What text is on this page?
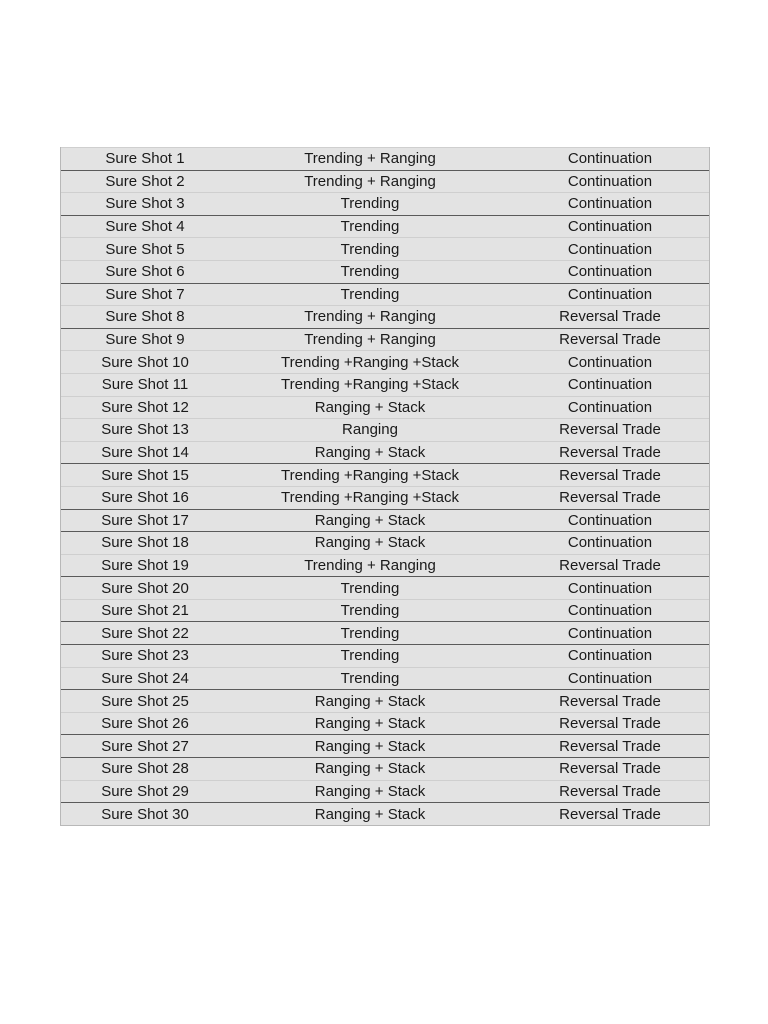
Sure Shot 1	Trending + Ranging	Continuation
Sure Shot 2	Trending + Ranging	Continuation
Sure Shot 3	Trending	Continuation
Sure Shot 4	Trending	Continuation
Sure Shot 5	Trending	Continuation
Sure Shot 6	Trending	Continuation
Sure Shot 7	Trending	Continuation
Sure Shot 8	Trending + Ranging	Reversal Trade
Sure Shot 9	Trending + Ranging	Reversal Trade
Sure Shot 10	Trending +Ranging +Stack	Continuation
Sure Shot 11	Trending +Ranging +Stack	Continuation
Sure Shot 12	Ranging + Stack	Continuation
Sure Shot 13	Ranging	Reversal Trade
Sure Shot 14	Ranging + Stack	Reversal Trade
Sure Shot 15	Trending +Ranging +Stack	Reversal Trade
Sure Shot 16	Trending +Ranging +Stack	Reversal Trade
Sure Shot 17	Ranging + Stack	Continuation
Sure Shot 18	Ranging + Stack	Continuation
Sure Shot 19	Trending + Ranging	Reversal Trade
Sure Shot 20	Trending	Continuation
Sure Shot 21	Trending	Continuation
Sure Shot 22	Trending	Continuation
Sure Shot 23	Trending	Continuation
Sure Shot 24	Trending	Continuation
Sure Shot 25	Ranging + Stack	Reversal Trade
Sure Shot 26	Ranging + Stack	Reversal Trade
Sure Shot 27	Ranging + Stack	Reversal Trade
Sure Shot 28	Ranging + Stack	Reversal Trade
Sure Shot 29	Ranging + Stack	Reversal Trade
Sure Shot 30	Ranging + Stack	Reversal Trade
